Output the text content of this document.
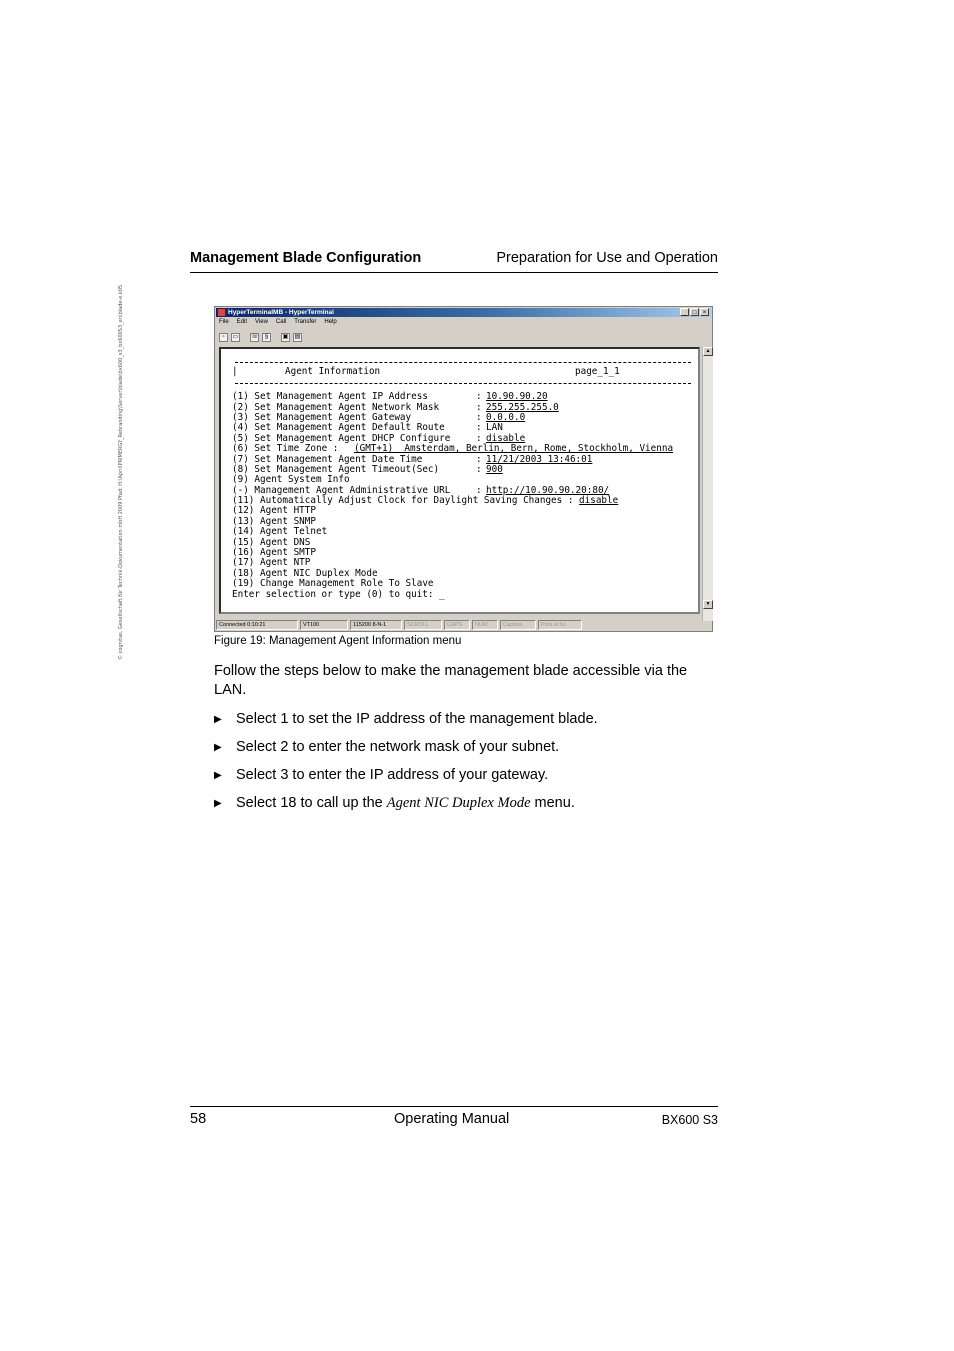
© cognitas. Gesellschaft für Technik-Dokumentation mbH 2009 Pfad: H:\April\PRIMERGY_Rebranding\Server\blade\bx600_s3_bx600S3_en\blade-e.k05
Management Blade Configuration	Preparation for Use and Operation
HyperTerminalMB - HyperTerminal	_	□	×
File Edit View Call Transfer Help
▫	▭ ☏	§	▣ ▤
|	Agent Information	page_1_1
(1) Set Management Agent IP Address	: 10.90.90.20
(2) Set Management Agent Network Mask	: 255.255.255.0
(3) Set Management Agent Gateway	: 0.0.0.0
(4) Set Management Agent Default Route	: LAN
(5) Set Management Agent DHCP Configure	: disable
(6) Set Time Zone : (GMT+1)  Amsterdam, Berlin, Bern, Rome, Stockholm, Vienna
(7) Set Management Agent Date Time	: 11/21/2003 13:46:01
(8) Set Management Agent Timeout(Sec)	: 900
(9) Agent System Info
(-) Management Agent Administrative URL	: http://10.90.90.20:80/
(11) Automatically Adjust Clock for Daylight Saving Changes : disable
(12) Agent HTTP
(13) Agent SNMP
(14) Agent Telnet
(15) Agent DNS
(16) Agent SMTP
(17) Agent NTP
(18) Agent NIC Duplex Mode
(19) Change Management Role To Slave
Enter selection or type (0) to quit: _
▲
▼
Connected 0:10:21	VT100	115200 8-N-1	SCROLL	CAPS	NUM	Capture	Print echo
Figure 19: Management Agent Information menu
Follow the steps below to make the management blade accessible via the LAN.
▶ Select 1 to set the IP address of the management blade.
▶ Select 2 to enter the network mask of your subnet.
▶ Select 3 to enter the IP address of your gateway.
▶ Select 18 to call up the Agent NIC Duplex Mode menu.
58	Operating Manual	BX600 S3
